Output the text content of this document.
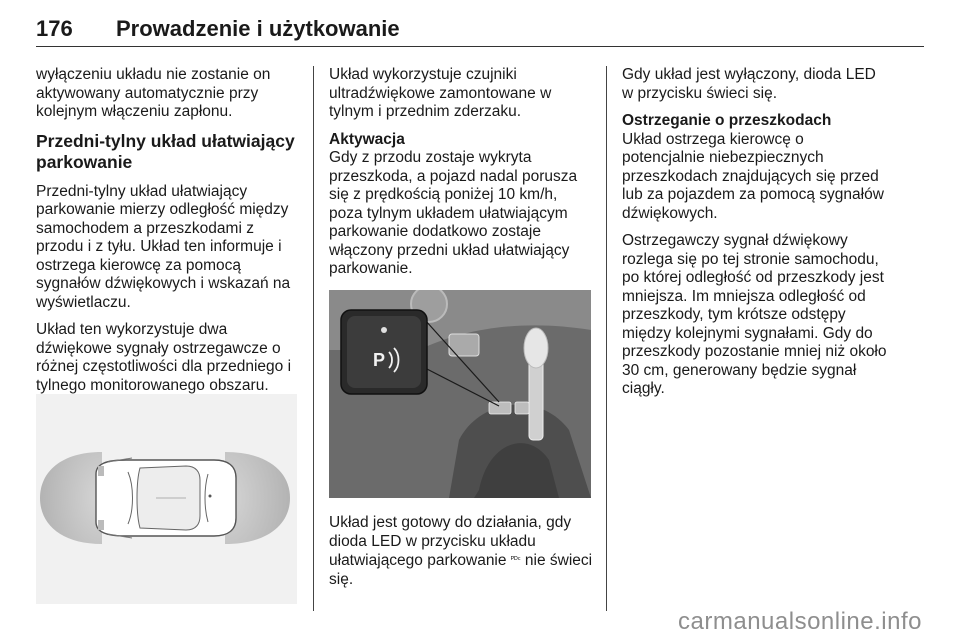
176 Prowadzenie i użytkowanie

wyłączeniu układu nie zostanie on aktywowany automatycznie przy kolejnym włączeniu zapłonu.

Przedni-tylny układ ułatwiający parkowanie

Przedni-tylny układ ułatwiający parkowanie mierzy odległość między samochodem a przeszkodami z przodu i z tyłu. Układ ten informuje i ostrzega kierowcę za pomocą sygnałów dźwiękowych i wskazań na wyświetlaczu.

Układ ten wykorzystuje dwa dźwiękowe sygnały ostrzegawcze o różnej częstotliwości dla przedniego i tylnego monitorowanego obszaru.

Układ wykorzystuje czujniki ultradźwiękowe zamontowane w tylnym i przednim zderzaku.

Aktywacja

Gdy z przodu zostaje wykryta przeszkoda, a pojazd nadal porusza się z prędkością poniżej 10 km/h, poza tylnym układem ułatwiającym parkowanie dodatkowo zostaje włączony przedni układ ułatwiający parkowanie.

Układ jest gotowy do działania, gdy dioda LED w przycisku układu ułatwiającego parkowanie ᴾᴰᶜ nie świeci się.

Gdy układ jest wyłączony, dioda LED w przycisku świeci się.

Ostrzeganie o przeszkodach

Układ ostrzega kierowcę o potencjalnie niebezpiecznych przeszkodach znajdujących się przed lub za pojazdem za pomocą sygnałów dźwiękowych.

Ostrzegawczy sygnał dźwiękowy rozlega się po tej stronie samochodu, po której odległość od przeszkody jest mniejsza. Im mniejsza odległość od przeszkody, tym krótsze odstępy między kolejnymi sygnałami. Gdy do przeszkody pozostanie mniej niż około 30 cm, generowany będzie sygnał ciągły.

P
carmanualsonline.info
